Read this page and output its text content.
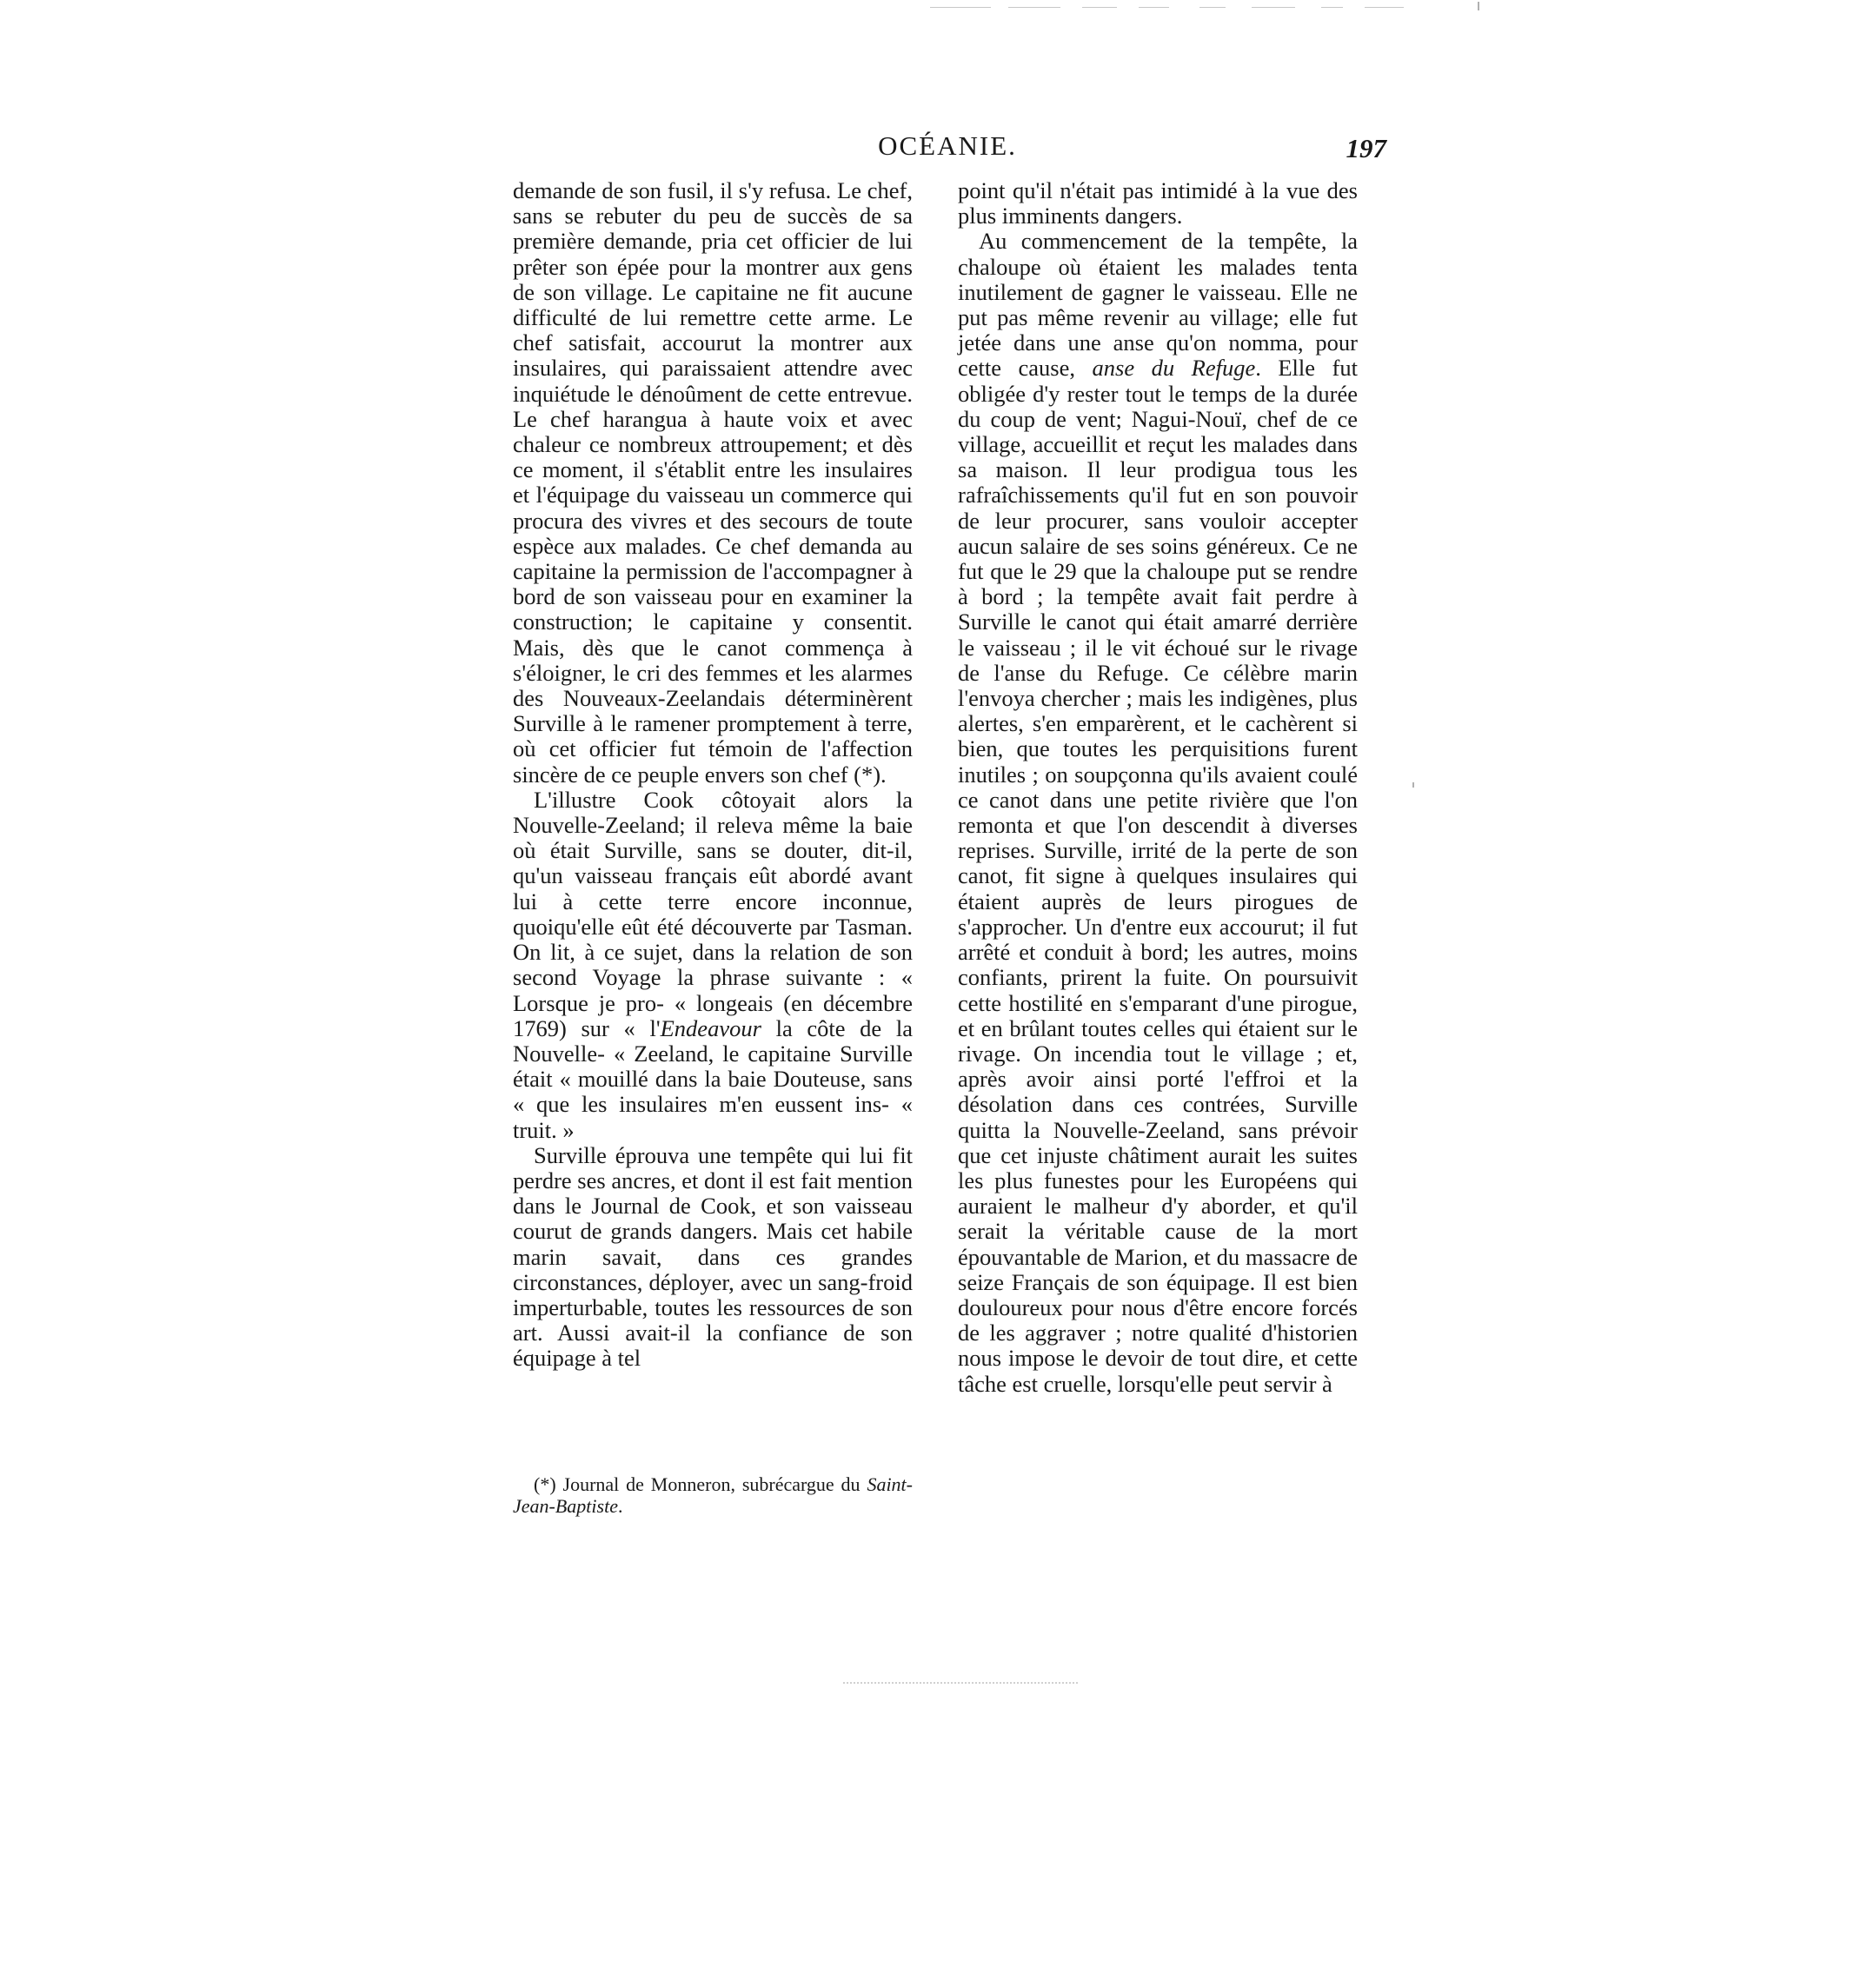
OCÉANIE.	197

demande de son fusil, il s'y refusa. Le chef, sans se rebuter du peu de succès de sa première demande, pria cet officier de lui prêter son épée pour la montrer aux gens de son village. Le capitaine ne fit aucune difficulté de lui remettre cette arme. Le chef satisfait, accourut la montrer aux insulaires, qui paraissaient attendre avec inquiétude le dénoûment de cette entrevue. Le chef harangua à haute voix et avec chaleur ce nombreux attroupement; et dès ce moment, il s'établit entre les insulaires et l'équipage du vaisseau un commerce qui procura des vivres et des secours de toute espèce aux malades. Ce chef demanda au capitaine la permission de l'accompagner à bord de son vaisseau pour en examiner la construction; le capitaine y consentit. Mais, dès que le canot commença à s'éloigner, le cri des femmes et les alarmes des Nouveaux-Zeelandais déterminèrent Surville à le ramener promptement à terre, où cet officier fut témoin de l'affection sincère de ce peuple envers son chef (*).

L'illustre Cook côtoyait alors la Nouvelle-Zeeland; il releva même la baie où était Surville, sans se douter, dit-il, qu'un vaisseau français eût abordé avant lui à cette terre encore inconnue, quoiqu'elle eût été découverte par Tasman. On lit, à ce sujet, dans la relation de son second Voyage la phrase suivante : « Lorsque je pro- « longeais (en décembre 1769) sur « l'Endeavour la côte de la Nouvelle- « Zeeland, le capitaine Surville était « mouillé dans la baie Douteuse, sans « que les insulaires m'en eussent ins- « truit. »

Surville éprouva une tempête qui lui fit perdre ses ancres, et dont il est fait mention dans le Journal de Cook, et son vaisseau courut de grands dangers. Mais cet habile marin savait, dans ces grandes circonstances, déployer, avec un sang-froid imperturbable, toutes les ressources de son art. Aussi avait-il la confiance de son équipage à tel

(*) Journal de Monneron, subrécargue du Saint-Jean-Baptiste.

point qu'il n'était pas intimidé à la vue des plus imminents dangers.

Au commencement de la tempête, la chaloupe où étaient les malades tenta inutilement de gagner le vaisseau. Elle ne put pas même revenir au village; elle fut jetée dans une anse qu'on nomma, pour cette cause, anse du Refuge. Elle fut obligée d'y rester tout le temps de la durée du coup de vent; Nagui-Nouï, chef de ce village, accueillit et reçut les malades dans sa maison. Il leur prodigua tous les rafraîchissements qu'il fut en son pouvoir de leur procurer, sans vouloir accepter aucun salaire de ses soins généreux. Ce ne fut que le 29 que la chaloupe put se rendre à bord ; la tempête avait fait perdre à Surville le canot qui était amarré derrière le vaisseau ; il le vit échoué sur le rivage de l'anse du Refuge. Ce célèbre marin l'envoya chercher ; mais les indigènes, plus alertes, s'en emparèrent, et le cachèrent si bien, que toutes les perquisitions furent inutiles ; on soupçonna qu'ils avaient coulé ce canot dans une petite rivière que l'on remonta et que l'on descendit à diverses reprises. Surville, irrité de la perte de son canot, fit signe à quelques insulaires qui étaient auprès de leurs pirogues de s'approcher. Un d'entre eux accourut; il fut arrêté et conduit à bord; les autres, moins confiants, prirent la fuite. On poursuivit cette hostilité en s'emparant d'une pirogue, et en brûlant toutes celles qui étaient sur le rivage. On incendia tout le village ; et, après avoir ainsi porté l'effroi et la désolation dans ces contrées, Surville quitta la Nouvelle-Zeeland, sans prévoir que cet injuste châtiment aurait les suites les plus funestes pour les Européens qui auraient le malheur d'y aborder, et qu'il serait la véritable cause de la mort épouvantable de Marion, et du massacre de seize Français de son équipage. Il est bien douloureux pour nous d'être encore forcés de les aggraver ; notre qualité d'historien nous impose le devoir de tout dire, et cette tâche est cruelle, lorsqu'elle peut servir à
